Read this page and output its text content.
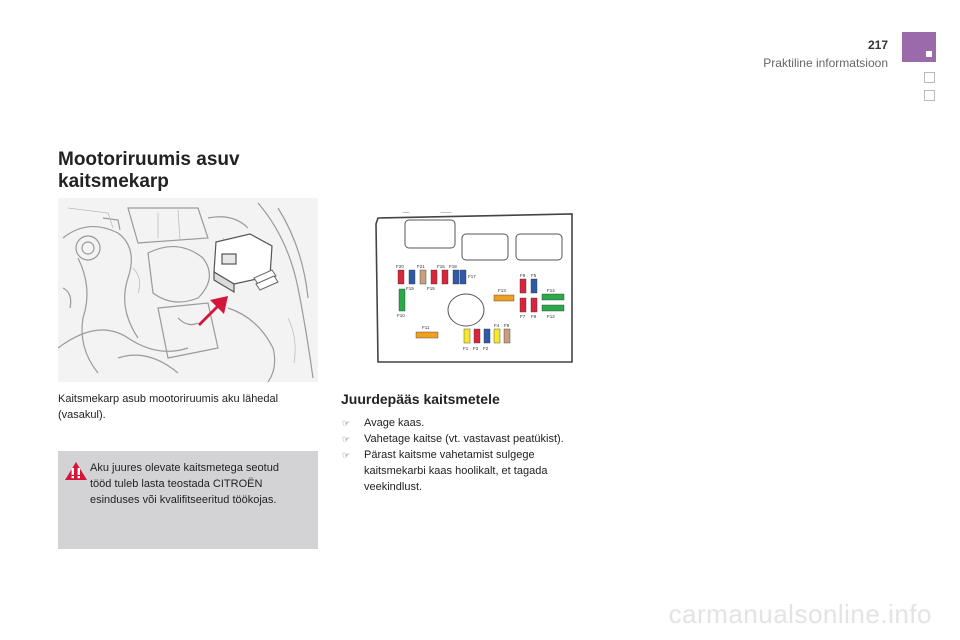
217
Praktiline informatsioon
Mootoriruumis asuv
kaitsmekarp
Kaitsmekarp asub mootoriruumis aku lähedal
(vasakul).
Aku juures olevate kaitsmetega seotud
tööd tuleb lasta teostada CITROËN
esinduses või kvalifitseeritud töökojas.
F20	F21	F16 F18
F17
F19	F15	F13
F10
F11
F9 F5
F14
F7 F6 F12
F4 F8
F1 F3 F2
Juurdepääs kaitsmetele
☞ Avage kaas.
☞ Vahetage kaitse (vt. vastavast peatükist).
☞ Pärast kaitsme vahetamist sulgege
kaitsmekarbi kaas hoolikalt, et tagada
veekindlust.
carmanualsonline.info
